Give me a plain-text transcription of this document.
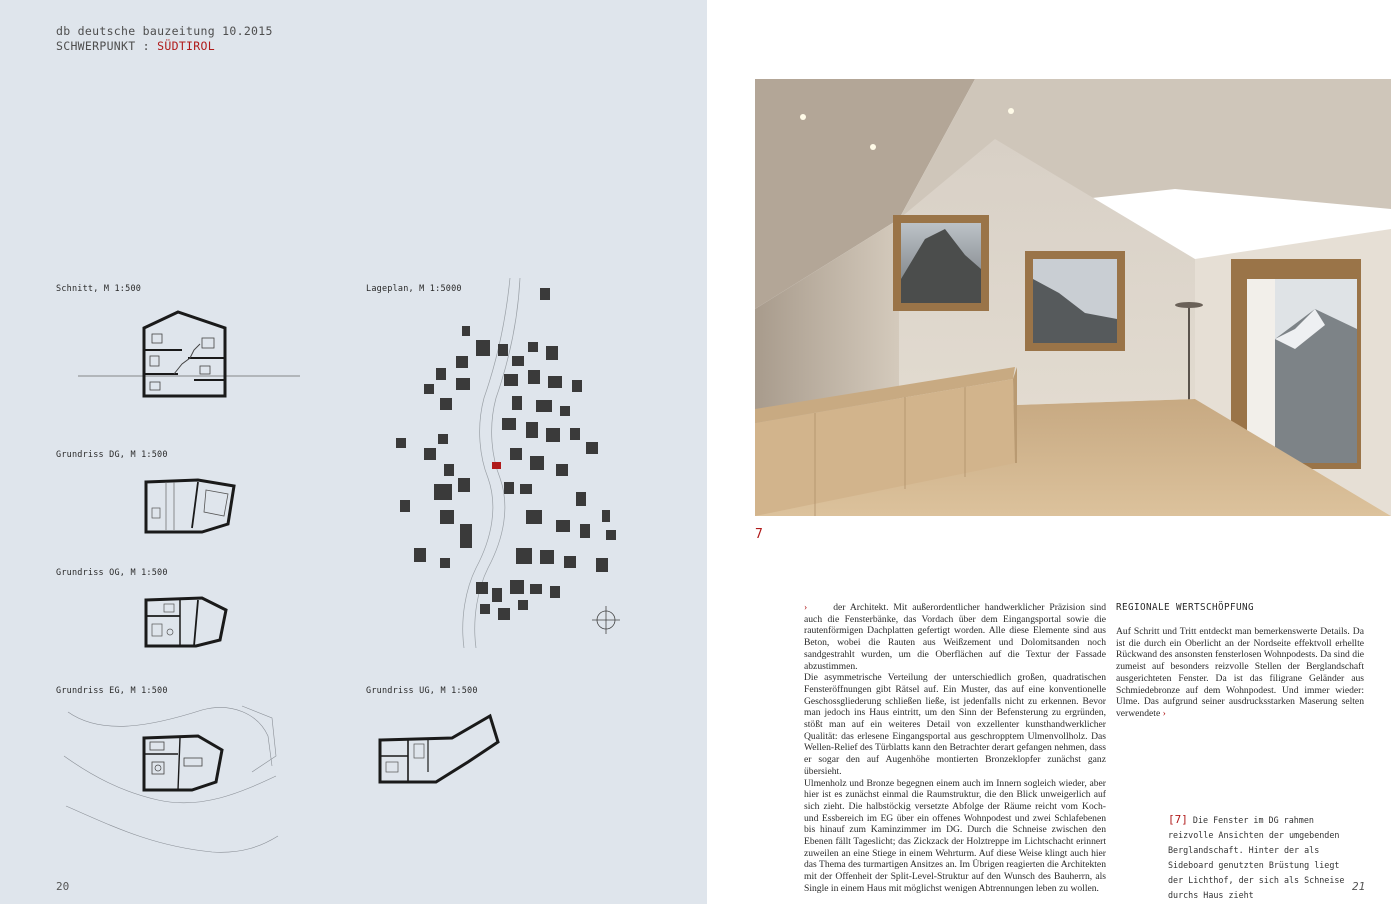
db deutsche bauzeitung 10.2015
SCHWERPUNKT : SÜDTIROL
Schnitt, M 1:500	Lageplan, M 1:5000
Grundriss DG, M 1:500
Grundriss OG, M 1:500
Grundriss EG, M 1:500	Grundriss UG, M 1:500
20	21
7

›	der Architekt. Mit außerordentlicher handwerklicher Präzision sind auch die Fensterbänke, das Vordach über dem Eingangsportal sowie die rautenförmigen Dachplatten gefertigt worden. Alle diese Elemente sind aus Beton, wobei die Rauten aus Weißzement und Dolomitsanden noch sandgestrahlt wurden, um die Oberflächen auf die Textur der Fassade abzustimmen.

Die asymmetrische Verteilung der unterschiedlich großen, quadratischen Fensteröffnungen gibt Rätsel auf. Ein Muster, das auf eine konventionelle Geschossgliederung schließen ließe, ist jedenfalls nicht zu erkennen. Bevor man jedoch ins Haus eintritt, um den Sinn der Befensterung zu ergründen, stößt man auf ein weiteres Detail von exzellenter kunsthandwerklicher Qualität: das erlesene Eingangsportal aus geschropptem Ulmenvollholz. Das Wellen-Relief des Türblatts kann den Betrachter derart gefangen nehmen, dass er sogar den auf Augenhöhe montierten Bronzeklopfer zunächst ganz übersieht.

Ulmenholz und Bronze begegnen einem auch im Innern sogleich wieder, aber hier ist es zunächst einmal die Raumstruktur, die den Blick unweigerlich auf sich zieht. Die halbstöckig versetzte Abfolge der Räume reicht vom Koch- und Essbereich im EG über ein offenes Wohnpodest und zwei Schlafebenen bis hinauf zum Kaminzimmer im DG. Durch die Schneise zwischen den Ebenen fällt Tageslicht; das Zickzack der Holztreppe im Lichtschacht erinnert zuweilen an eine Stiege in einem Wehrturm. Auf diese Weise klingt auch hier das Thema des turmartigen Ansitzes an. Im Übrigen reagierten die Architekten mit der Offenheit der Split-Level-Struktur auf den Wunsch des Bauherrn, als Single in einem Haus mit möglichst wenigen Abtrennungen leben zu wollen.

REGIONALE WERTSCHÖPFUNG

Auf Schritt und Tritt entdeckt man bemerkenswerte Details. Da ist die durch ein Oberlicht an der Nordseite effektvoll erhellte Rückwand des ansonsten fensterlosen Wohnpodests. Da sind die zumeist auf besonders reizvolle Stellen der Berglandschaft ausgerichteten Fenster. Da ist das filigrane Geländer aus Schmiedebronze auf dem Wohnpodest. Und immer wieder: Ulme. Das aufgrund seiner ausdrucksstarken Maserung selten verwendete ›

[7] Die Fenster im DG rahmen reizvolle Ansichten der umgebenden Berglandschaft. Hinter der als Sideboard genutzten Brüstung liegt der Lichthof, der sich als Schneise durchs Haus zieht
